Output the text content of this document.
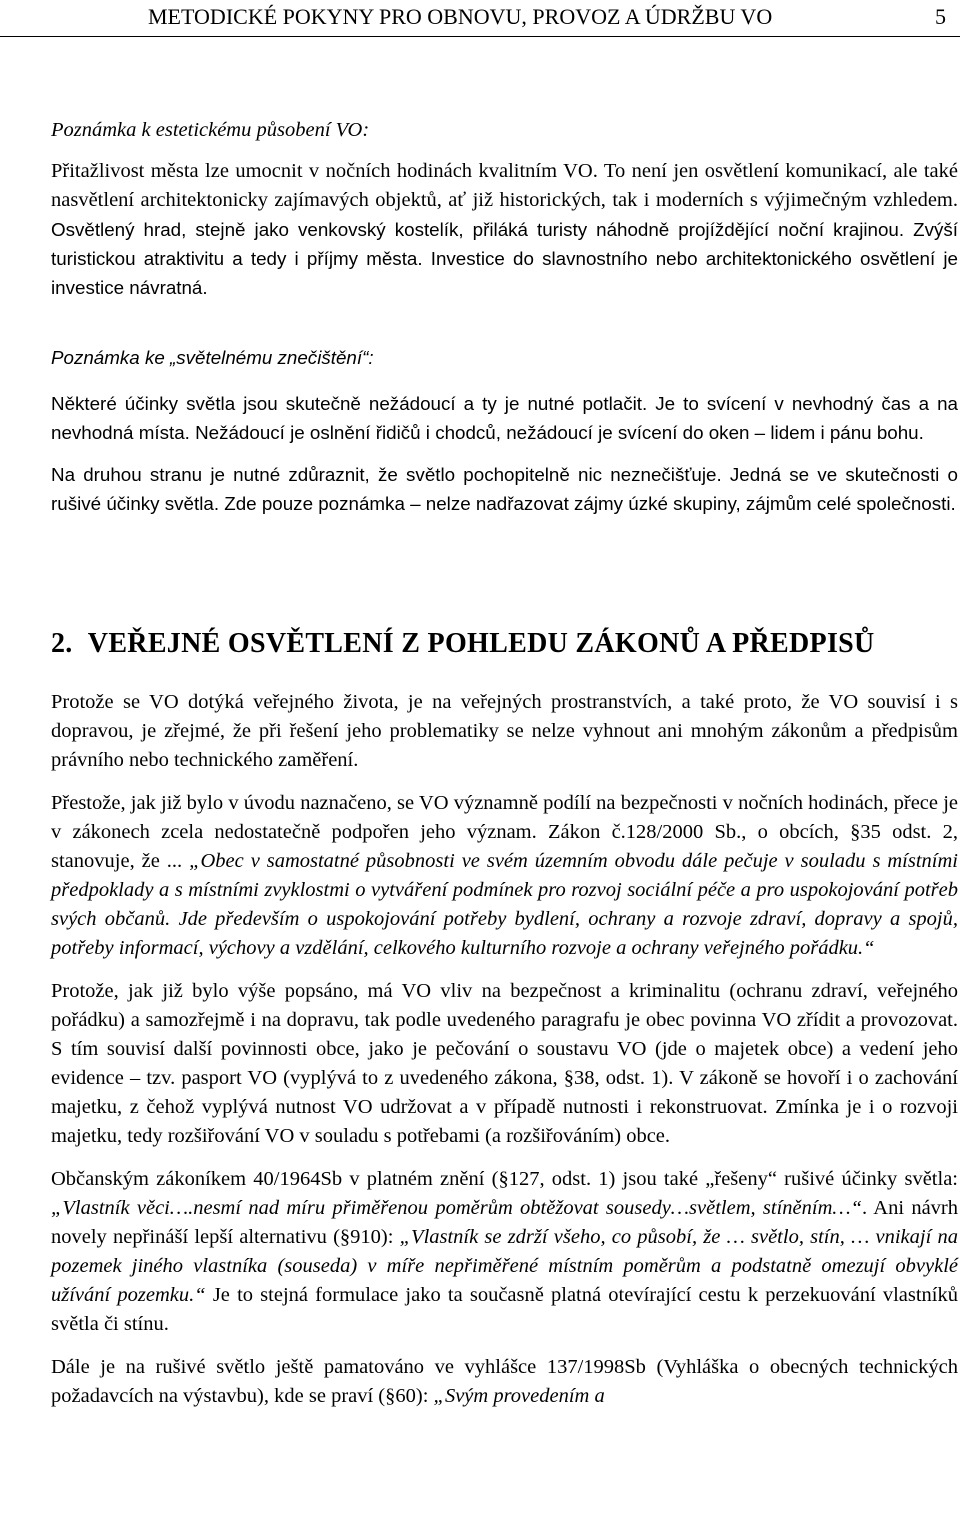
METODICKÉ POKYNY PRO OBNOVU, PROVOZ A ÚDRŽBU VO	5

Poznámka k estetickému působení VO:

Přitažlivost města lze umocnit v nočních hodinách kvalitním VO. To není jen osvětlení komunikací, ale také nasvětlení architektonicky zajímavých objektů, ať již historických, tak i moderních s výjimečným vzhledem. Osvětlený hrad, stejně jako venkovský kostelík, přiláká turisty náhodně projíždějící noční krajinou. Zvýší turistickou atraktivitu a tedy i příjmy města. Investice do slavnostního nebo architektonického osvětlení je investice návratná.

Poznámka ke „světelnému znečištění“:

Některé účinky světla jsou skutečně nežádoucí a ty je nutné potlačit. Je to svícení v nevhodný čas a na nevhodná místa. Nežádoucí je oslnění řidičů i chodců, nežádoucí je svícení do oken – lidem i pánu bohu.

Na druhou stranu je nutné zdůraznit, že světlo pochopitelně nic neznečišťuje. Jedná se ve skutečnosti o rušivé účinky světla. Zde pouze poznámka – nelze nadřazovat zájmy úzké skupiny, zájmům celé společnosti.

2. VEŘEJNÉ OSVĚTLENÍ Z POHLEDU ZÁKONŮ A PŘEDPISŮ

Protože se VO dotýká veřejného života, je na veřejných prostranstvích, a také proto, že VO souvisí i s dopravou, je zřejmé, že při řešení jeho problematiky se nelze vyhnout ani mnohým zákonům a předpisům právního nebo technického zaměření.

Přestože, jak již bylo v úvodu naznačeno, se VO významně podílí na bezpečnosti v nočních hodinách, přece je v zákonech zcela nedostatečně podpořen jeho význam. Zákon č.128/2000 Sb., o obcích, §35 odst. 2, stanovuje, že ... „Obec v samostatné působnosti ve svém územním obvodu dále pečuje v souladu s místními předpoklady a s místními zvyklostmi o vytváření podmínek pro rozvoj sociální péče a pro uspokojování potřeb svých občanů. Jde především o uspokojování potřeby bydlení, ochrany a rozvoje zdraví, dopravy a spojů, potřeby informací, výchovy a vzdělání, celkového kulturního rozvoje a ochrany veřejného pořádku.“

Protože, jak již bylo výše popsáno, má VO vliv na bezpečnost a kriminalitu (ochranu zdraví, veřejného pořádku) a samozřejmě i na dopravu, tak podle uvedeného paragrafu je obec povinna VO zřídit a provozovat. S tím souvisí další povinnosti obce, jako je pečování o soustavu VO (jde o majetek obce) a vedení jeho evidence – tzv. pasport VO (vyplývá to z uvedeného zákona, §38, odst. 1). V zákoně se hovoří i o zachování majetku, z čehož vyplývá nutnost VO udržovat a v případě nutnosti i rekonstruovat. Zmínka je i o rozvoji majetku, tedy rozšiřování VO v souladu s potřebami (a rozšiřováním) obce.

Občanským zákoníkem 40/1964Sb v platném znění (§127, odst. 1) jsou také „řešeny“ rušivé účinky světla: „Vlastník věci….nesmí nad míru přiměřenou poměrům obtěžovat sousedy…světlem, stíněním…“. Ani návrh novely nepřináší lepší alternativu (§910): „Vlastník se zdrží všeho, co působí, že … světlo, stín, … vnikají na pozemek jiného vlastníka (souseda) v míře nepřiměřené místním poměrům a podstatně omezují obvyklé užívání pozemku.“ Je to stejná formulace jako ta současně platná otevírající cestu k perzekuování vlastníků světla či stínu.

Dále je na rušivé světlo ještě pamatováno ve vyhlášce 137/1998Sb (Vyhláška o obecných technických požadavcích na výstavbu), kde se praví (§60): „Svým provedením a
